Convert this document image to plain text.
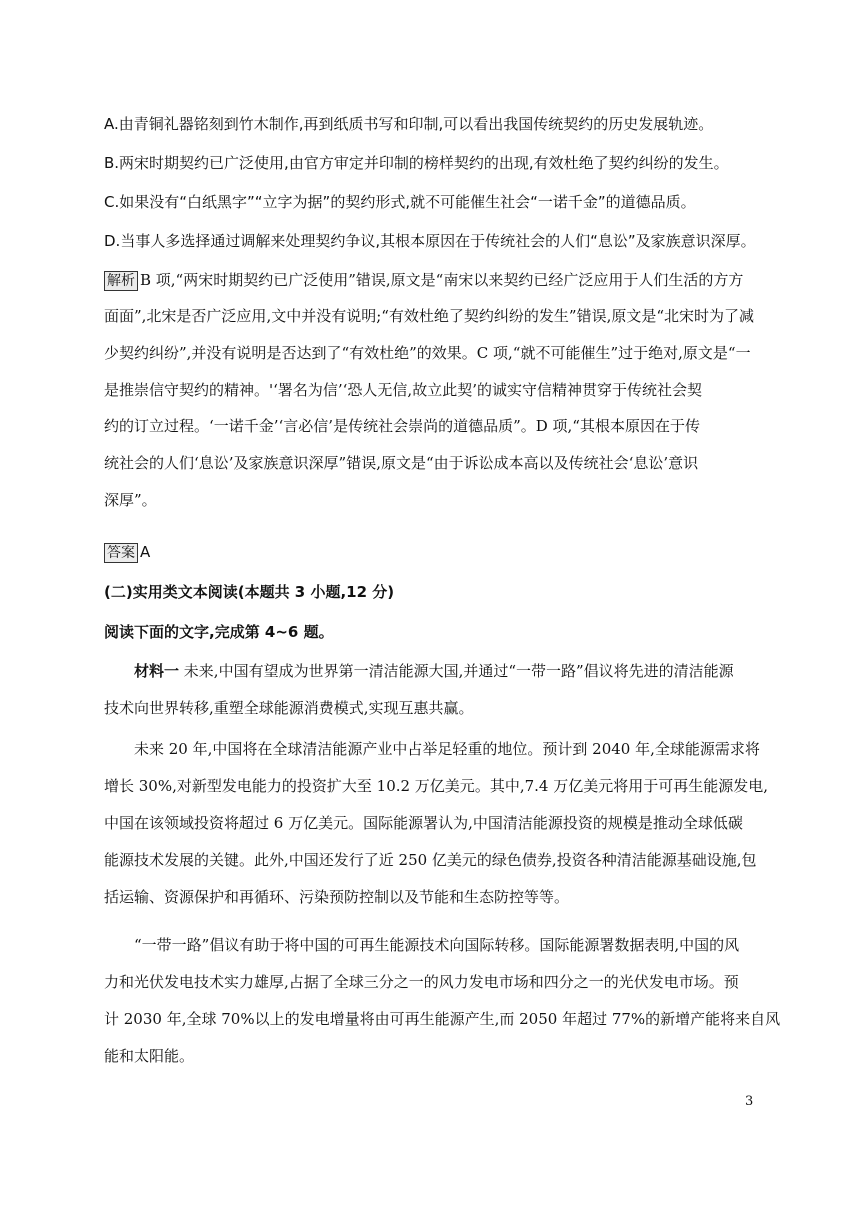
A.由青铜礼器铭刻到竹木制作,再到纸质书写和印制,可以看出我国传统契约的历史发展轨迹。
B.两宋时期契约已广泛使用,由官方审定并印制的榜样契约的出现,有效杜绝了契约纠纷的发生。
C.如果没有“白纸黑字”“立字为据”的契约形式,就不可能催生社会“一诺千金”的道德品质。
D.当事人多选择通过调解来处理契约争议,其根本原因在于传统社会的人们“息讼”及家族意识深厚。
解析 B 项,“两宋时期契约已广泛使用”错误,原文是“南宋以来契约已经广泛应用于人们生活的方方
面面”,北宋是否广泛应用,文中并没有说明;“有效杜绝了契约纠纷的发生”错误,原文是“北宋时为了减
少契约纠纷”,并没有说明是否达到了“有效杜绝”的效果。C 项,“就不可能催生”过于绝对,原文是“一
是推崇信守契约的精神。'‘署名为信’‘恐人无信,故立此契’的诚实守信精神贯穿于传统社会契
约的订立过程。‘一诺千金’‘言必信’是传统社会崇尚的道德品质”。D 项,“其根本原因在于传
统社会的人们‘息讼’及家族意识深厚”错误,原文是“由于诉讼成本高以及传统社会‘息讼’意识
深厚”。
答案 A
(二)实用类文本阅读(本题共 3 小题,12 分)
阅读下面的文字,完成第 4~6 题。
材料一 未来,中国有望成为世界第一清洁能源大国,并通过“一带一路”倡议将先进的清洁能源
技术向世界转移,重塑全球能源消费模式,实现互惠共赢。
未来 20 年,中国将在全球清洁能源产业中占举足轻重的地位。预计到 2040 年,全球能源需求将
增长 30%,对新型发电能力的投资扩大至 10.2 万亿美元。其中,7.4 万亿美元将用于可再生能源发电,
中国在该领域投资将超过 6 万亿美元。国际能源署认为,中国清洁能源投资的规模是推动全球低碳
能源技术发展的关键。此外,中国还发行了近 250 亿美元的绿色债券,投资各种清洁能源基础设施,包
括运输、资源保护和再循环、污染预防控制以及节能和生态防控等等。
“一带一路”倡议有助于将中国的可再生能源技术向国际转移。国际能源署数据表明,中国的风
力和光伏发电技术实力雄厚,占据了全球三分之一的风力发电市场和四分之一的光伏发电市场。预
计 2030 年,全球 70%以上的发电增量将由可再生能源产生,而 2050 年超过 77%的新增产能将来自风
能和太阳能。
3
